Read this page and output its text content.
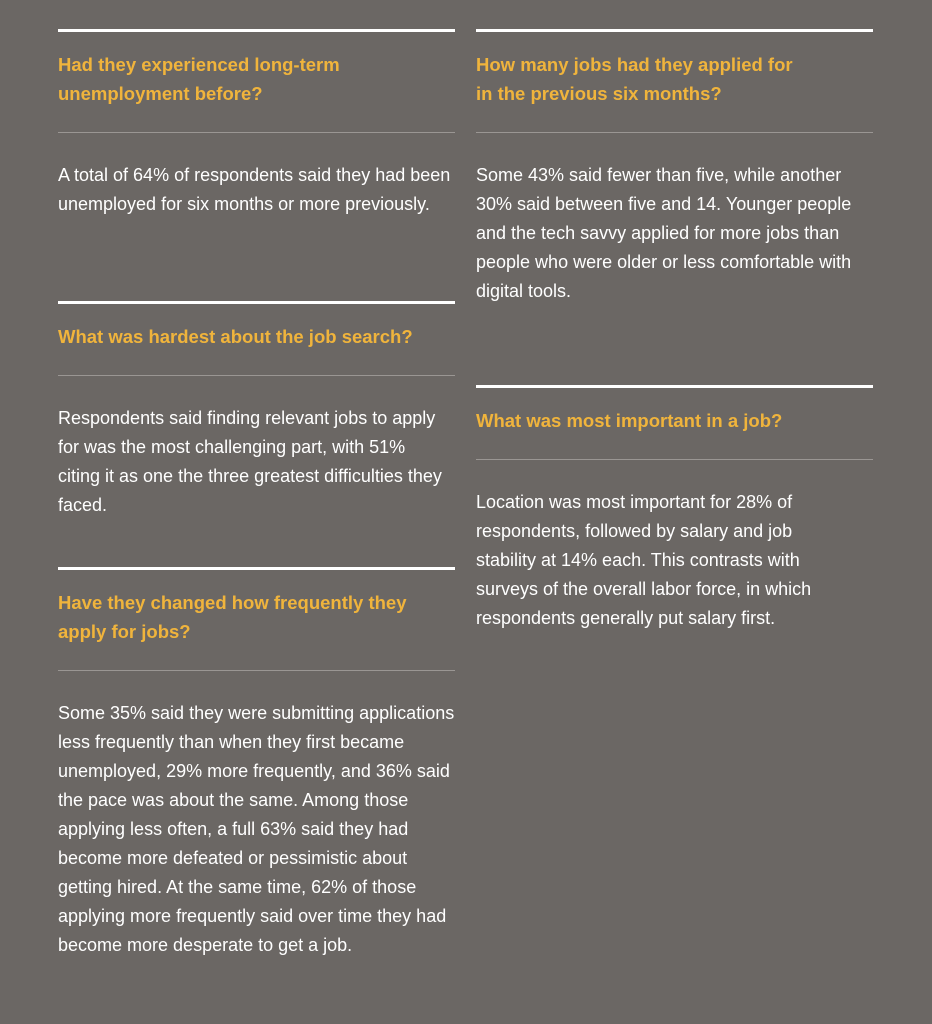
Had they experienced long-term unemployment before?
A total of 64% of respondents said they had been unemployed for six months or more previously.
What was hardest about the job search?
Respondents said finding relevant jobs to apply for was the most challenging part, with 51% citing it as one the three greatest difficulties they faced.
Have they changed how frequently they apply for jobs?
Some 35% said they were submitting applications less frequently than when they first became unemployed, 29% more frequently, and 36% said the pace was about the same. Among those applying less often, a full 63% said they had become more defeated or pessimistic about getting hired. At the same time, 62% of those applying more frequently said over time they had become more desperate to get a job.
How many jobs had they applied for in the previous six months?
Some 43% said fewer than five, while another 30% said between five and 14. Younger people and the tech savvy applied for more jobs than people who were older or less comfortable with digital tools.
What was most important in a job?
Location was most important for 28% of respondents, followed by salary and job stability at 14% each. This contrasts with surveys of the overall labor force, in which respondents generally put salary first.
